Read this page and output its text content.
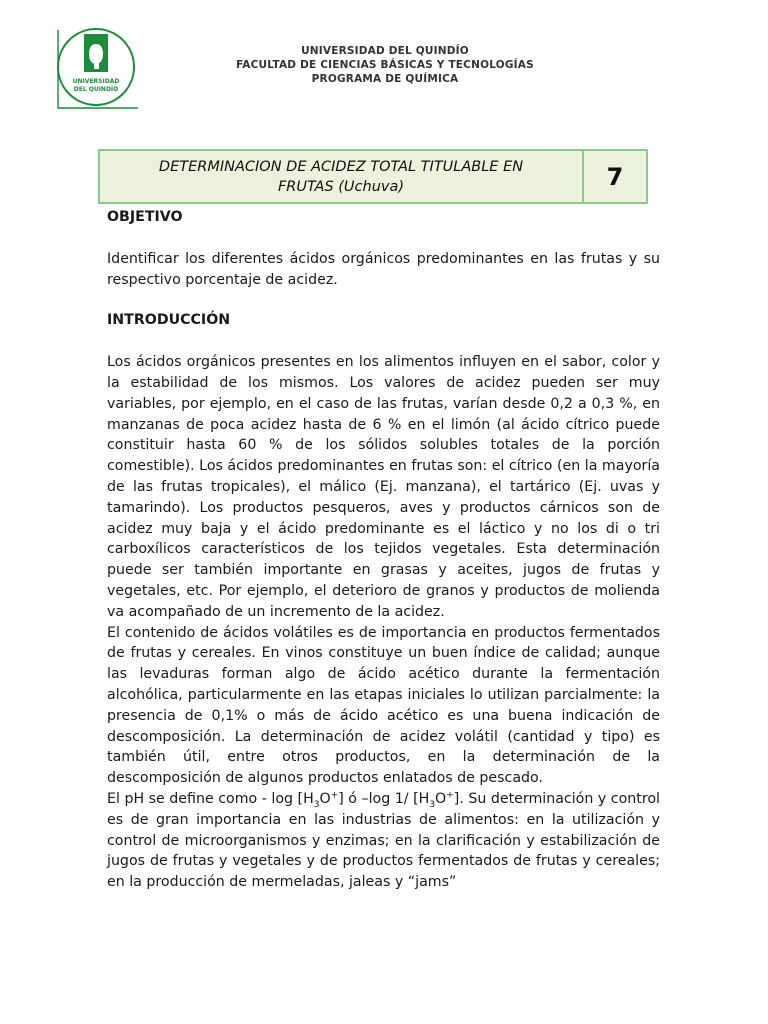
UNIVERSIDAD
DEL QUINDÍO
UNIVERSIDAD DEL QUINDÍO
FACULTAD DE CIENCIAS BÁSICAS Y TECNOLOGÍAS
PROGRAMA DE QUÍMICA
DETERMINACION DE ACIDEZ TOTAL TITULABLE EN
FRUTAS (Uchuva)	7

OBJETIVO

Identificar los diferentes ácidos orgánicos predominantes en las frutas y su respectivo porcentaje de acidez.

INTRODUCCIÓN

Los ácidos orgánicos presentes en los alimentos influyen en el sabor, color y la estabilidad de los mismos. Los valores de acidez pueden ser muy variables, por ejemplo, en el caso de las frutas, varían desde 0,2 a 0,3 %, en manzanas de poca acidez hasta de 6 % en el limón (al ácido cítrico puede constituir hasta 60 % de los sólidos solubles totales de la porción comestible). Los ácidos predominantes en frutas son: el cítrico (en la mayoría de las frutas tropicales), el málico (Ej. manzana), el tartárico (Ej. uvas y tamarindo). Los productos pesqueros, aves y productos cárnicos son de acidez muy baja y el ácido predominante es el láctico y no los di o tri carboxílicos característicos de los tejidos vegetales. Esta determinación puede ser también importante en grasas y aceites, jugos de frutas y vegetales, etc. Por ejemplo, el deterioro de granos y productos de molienda va acompañado de un incremento de la acidez.

El contenido de ácidos volátiles es de importancia en productos fermentados de frutas y cereales. En vinos constituye un buen índice de calidad; aunque las levaduras forman algo de ácido acético durante la fermentación alcohólica, particularmente en las etapas iniciales lo utilizan parcialmente: la presencia de 0,1% o más de ácido acético es una buena indicación de descomposición. La determinación de acidez volátil (cantidad y tipo) es también útil, entre otros productos, en la determinación de la descomposición de algunos productos enlatados de pescado.

El pH se define como - $\log [H_3O^+]$ ó –log 1/ $[H_3O^+]$. Su determinación y control es de gran importancia en las industrias de alimentos: en la utilización y control de microorganismos y enzimas; en la clarificación y estabilización de jugos de frutas y vegetales y de productos fermentados de frutas y cereales; en la producción de mermeladas, jaleas y “jams”
